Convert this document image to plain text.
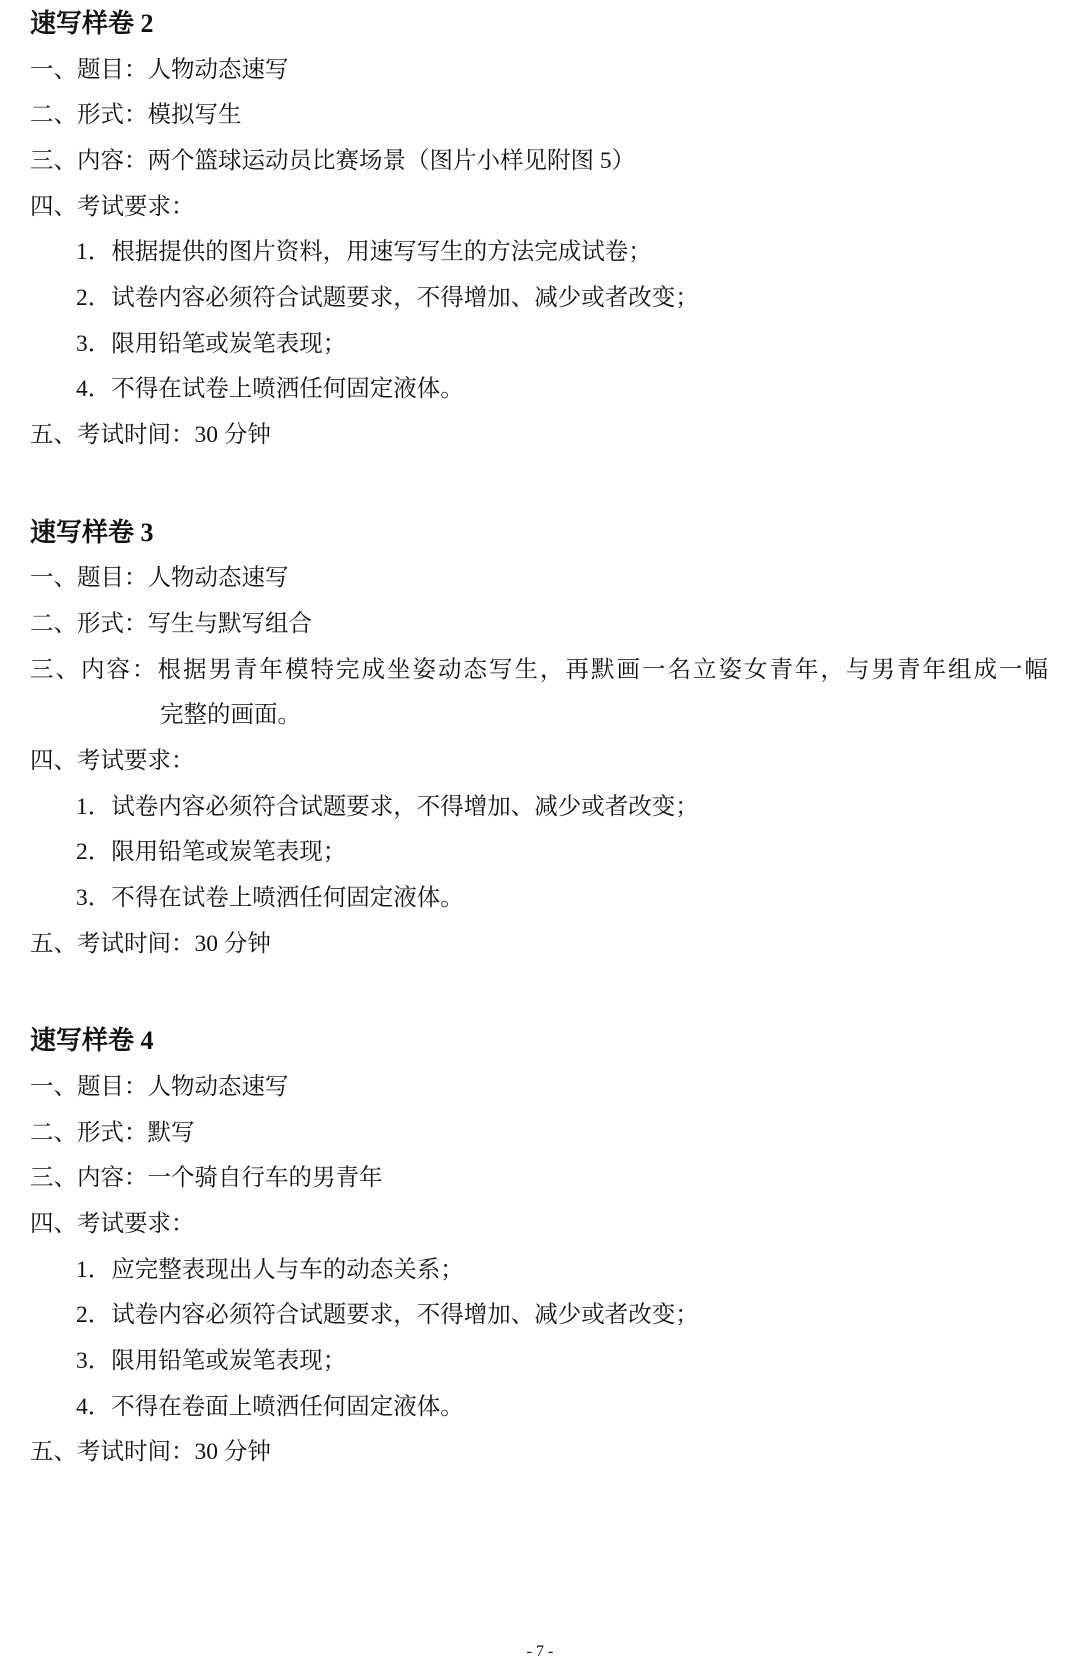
速写样卷 2

一、题目：人物动态速写

二、形式：模拟写生

三、内容：两个篮球运动员比赛场景（图片小样见附图 5）

四、考试要求：

1．根据提供的图片资料，用速写写生的方法完成试卷；

2．试卷内容必须符合试题要求，不得增加、减少或者改变；

3．限用铅笔或炭笔表现；

4．不得在试卷上喷洒任何固定液体。

五、考试时间：30 分钟

速写样卷 3

一、题目：人物动态速写

二、形式：写生与默写组合

三、内容：根据男青年模特完成坐姿动态写生，再默画一名立姿女青年，与男青年组成一幅

完整的画面。

四、考试要求：

1．试卷内容必须符合试题要求，不得增加、减少或者改变；

2．限用铅笔或炭笔表现；

3．不得在试卷上喷洒任何固定液体。

五、考试时间：30 分钟

速写样卷 4

一、题目：人物动态速写

二、形式：默写

三、内容：一个骑自行车的男青年

四、考试要求：

1．应完整表现出人与车的动态关系；

2．试卷内容必须符合试题要求，不得增加、减少或者改变；

3．限用铅笔或炭笔表现；

4．不得在卷面上喷洒任何固定液体。

五、考试时间：30 分钟

- 7 -
